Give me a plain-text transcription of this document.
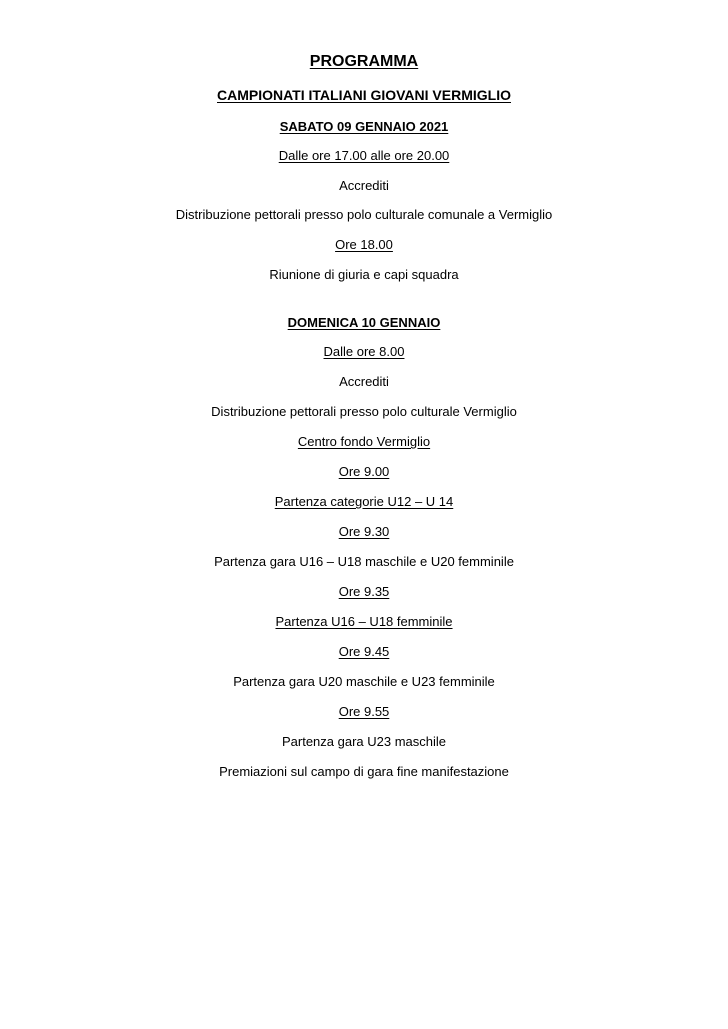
PROGRAMMA
CAMPIONATI ITALIANI GIOVANI VERMIGLIO
SABATO 09 GENNAIO 2021
Dalle ore 17.00 alle ore 20.00
Accrediti
Distribuzione pettorali presso polo culturale comunale a Vermiglio
Ore 18.00
Riunione di giuria e capi squadra
DOMENICA 10 GENNAIO
Dalle ore 8.00
Accrediti
Distribuzione pettorali presso polo culturale Vermiglio
Centro fondo Vermiglio
Ore 9.00
Partenza categorie U12 – U 14
Ore 9.30
Partenza gara U16 – U18 maschile e U20 femminile
Ore 9.35
Partenza U16 – U18 femminile
Ore 9.45
Partenza gara U20 maschile e U23 femminile
Ore 9.55
Partenza gara U23 maschile
Premiazioni sul campo di gara fine manifestazione
